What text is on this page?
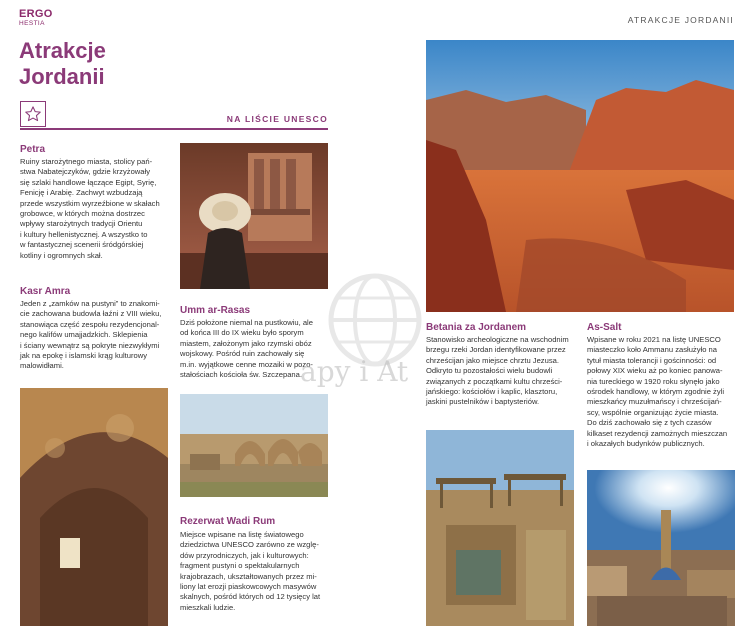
ERGO
HESTIA	ATRAKCJE JORDANII
Atrakcje Jordanii
NA LIŚCIE UNESCO
Petra
Ruiny starożytnego miasta, stolicy pań-
stwa Nabatejczyków, gdzie krzyżowały
się szlaki handlowe łączące Egipt, Syrię,
Fenicję i Arabię. Zachwyt wzbudzają
przede wszystkim wyrzeźbione w skałach
grobowce, w których można dostrzec
wpływy starożytnych tradycji Orientu
i kultury hellenistycznej. A wszystko to
w fantastycznej scenerii śródgórskiej
kotliny i ogromnych skał.
Kasr Amra
Jeden z „zamków na pustyni” to znakomi-
cie zachowana budowla łaźni z VIII wieku,
stanowiąca część zespołu rezydencjonal-
nego kalifów umajjadzkich. Sklepienia
i ściany wewnątrz są pokryte niezwykłymi
jak na epokę i islamski krąg kulturowy
malowidłami.
Umm ar-Rasas
Dziś położone niemal na pustkowiu, ale
od końca III do IX wieku było sporym
miastem, założonym jako rzymski obóz
wojskowy. Pośród ruin zachowały się
m.in. wyjątkowe cenne mozaiki w pozo-
stałościach kościoła św. Szczepana.
Rezerwat Wadi Rum
Miejsce wpisane na listę światowego
dziedzictwa UNESCO zarówno ze wzglę-
dów przyrodniczych, jak i kulturowych:
fragment pustyni o spektakularnych
krajobrazach, ukształtowanych przez mi-
liony lat erozji piaskowcowych masywów
skalnych, pośród których od 12 tysięcy lat
mieszkali ludzie.
Betania za Jordanem
Stanowisko archeologiczne na wschodnim
brzegu rzeki Jordan identyfikowane przez
chrześcijan jako miejsce chrztu Jezusa.
Odkryto tu pozostałości wielu budowli
związanych z początkami kultu chrześci-
jańskiego: kościołów i kaplic, klasztoru,
jaskini pustelników i baptysteriów.
As-Salt
Wpisane w roku 2021 na listę UNESCO
miasteczko koło Ammanu zasłużyło na
tytuł miasta tolerancji i gościnności: od
połowy XIX wieku aż po koniec panowa-
nia tureckiego w 1920 roku słynęło jako
ośrodek handlowy, w którym zgodnie żyli
mieszkańcy muzułmańscy i chrześcijań-
scy, wspólnie organizując życie miasta.
Do dziś zachowało się z tych czasów
kilkaset rezydencji zamożnych mieszczan
i okazałych budynków publicznych.
apy i At
